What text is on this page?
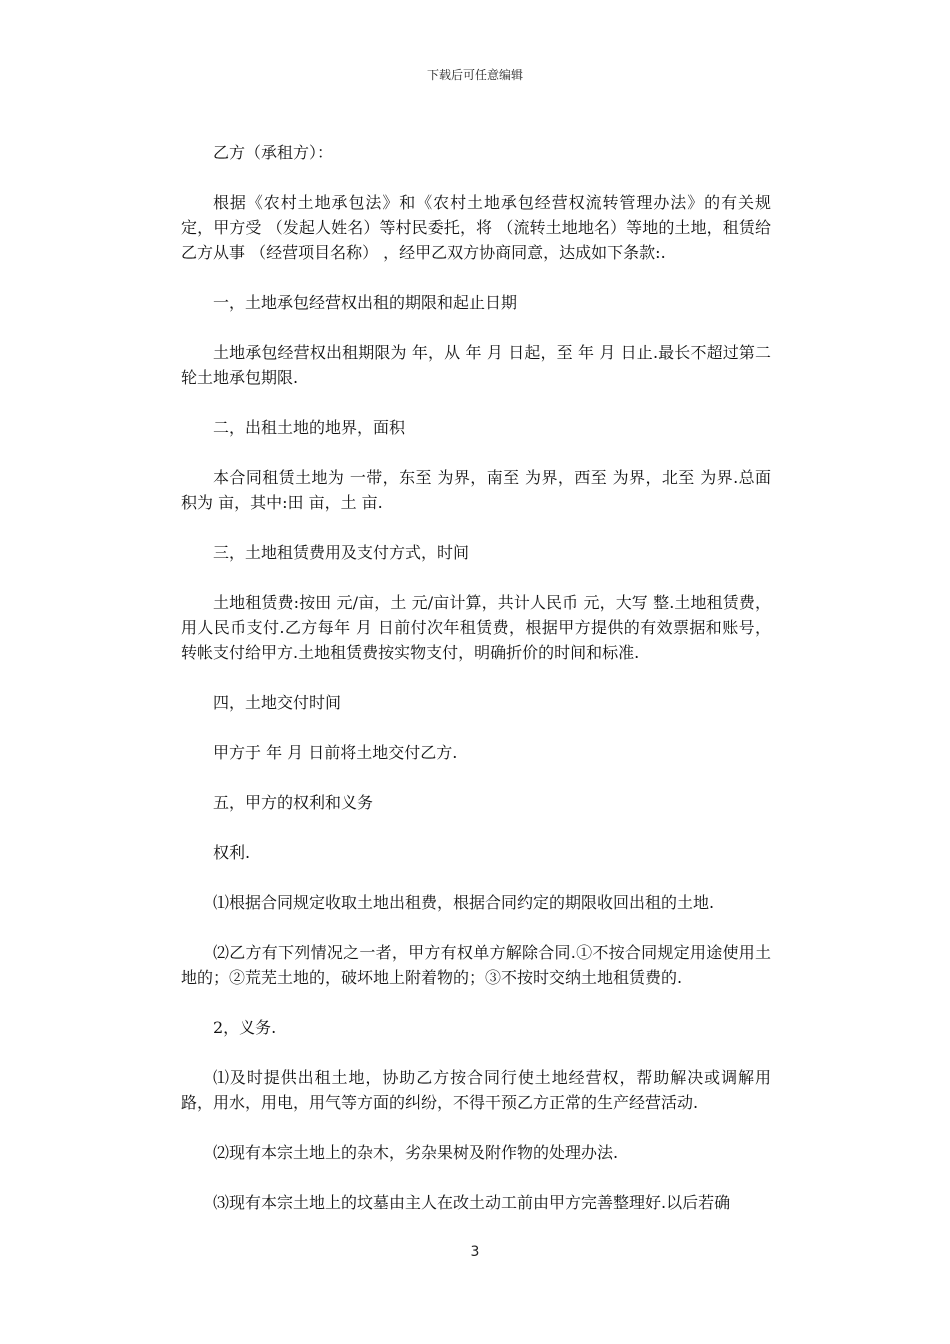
下载后可任意编辑

乙方（承租方）：

根据《农村土地承包法》和《农村土地承包经营权流转管理办法》的有关规定，甲方受 （发起人姓名）等村民委托，将 （流转土地地名）等地的土地，租赁给乙方从事 （经营项目名称） ，经甲乙双方协商同意，达成如下条款:.

一，土地承包经营权出租的期限和起止日期

土地承包经营权出租期限为 年，从 年 月 日起，至 年 月 日止.最长不超过第二轮土地承包期限.

二，出租土地的地界，面积

本合同租赁土地为 一带，东至 为界，南至 为界，西至 为界，北至 为界.总面积为 亩，其中:田 亩，土 亩.

三，土地租赁费用及支付方式，时间

土地租赁费:按田 元/亩，土 元/亩计算，共计人民币 元，大写 整.土地租赁费，用人民币支付.乙方每年 月 日前付次年租赁费，根据甲方提供的有效票据和账号，转帐支付给甲方.土地租赁费按实物支付，明确折价的时间和标准.

四，土地交付时间

甲方于 年 月 日前将土地交付乙方.

五，甲方的权利和义务

权利.

⑴根据合同规定收取土地出租费，根据合同约定的期限收回出租的土地.

⑵乙方有下列情况之一者，甲方有权单方解除合同.①不按合同规定用途使用土地的；②荒芜土地的，破坏地上附着物的；③不按时交纳土地租赁费的.

2，义务.

⑴及时提供出租土地，协助乙方按合同行使土地经营权，帮助解决或调解用路，用水，用电，用气等方面的纠纷，不得干预乙方正常的生产经营活动.

⑵现有本宗土地上的杂木，劣杂果树及附作物的处理办法.

⑶现有本宗土地上的坟墓由主人在改土动工前由甲方完善整理好.以后若确

3
